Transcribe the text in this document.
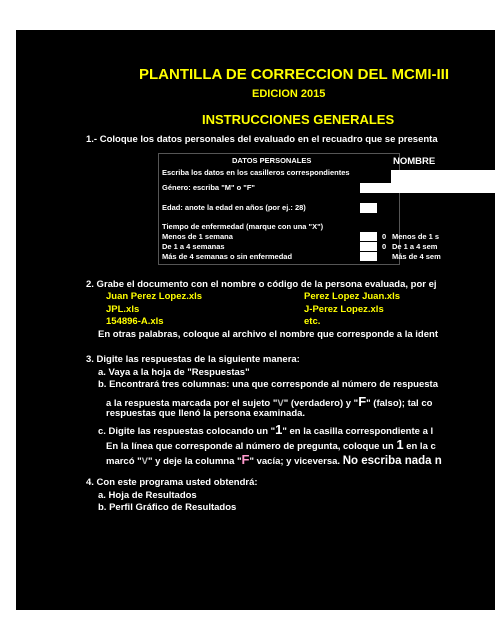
PLANTILLA DE CORRECCION DEL MCMI-III
EDICION 2015
INSTRUCCIONES GENERALES
1.- Coloque los datos personales del evaluado en el recuadro que se presenta
DATOS PERSONALES
Escriba los datos en los casilleros correspondientes
NOMBRE
Género: escriba "M" o "F"
Edad: anote la edad en años (por ej.: 28)
Tiempo de enfermedad (marque con una "X")
Menos de 1 semana	0 Menos de 1 s
De 1 a 4 semanas	0 De 1 a 4 sem
Más de 4 semanas o sin enfermedad	Más de 4 sem
2. Grabe el documento con el nombre o código de la persona evaluada, por ej
Juan Perez Lopez.xls
JPL.xls
154896-A.xls
Perez Lopez Juan.xls
J-Perez Lopez.xls
etc.
En otras palabras, coloque al archivo el nombre que corresponde a la ident
3. Digite las respuestas de la siguiente manera:
a. Vaya a la hoja de "Respuestas"
b. Encontrará tres columnas: una que corresponde al número de respuesta
a la respuesta marcada por el sujeto "V" (verdadero) y "F" (falso); tal co
respuestas que llenó la persona examinada.
c. Digite las respuestas colocando un "1" en la casilla correspondiente a l
En la línea que corresponde al número de pregunta, coloque un 1 en la c
marcó "V" y deje la columna "F" vacía; y viceversa. No escriba nada n
4. Con este programa usted obtendrá:
a. Hoja de Resultados
b. Perfil Gráfico de Resultados
